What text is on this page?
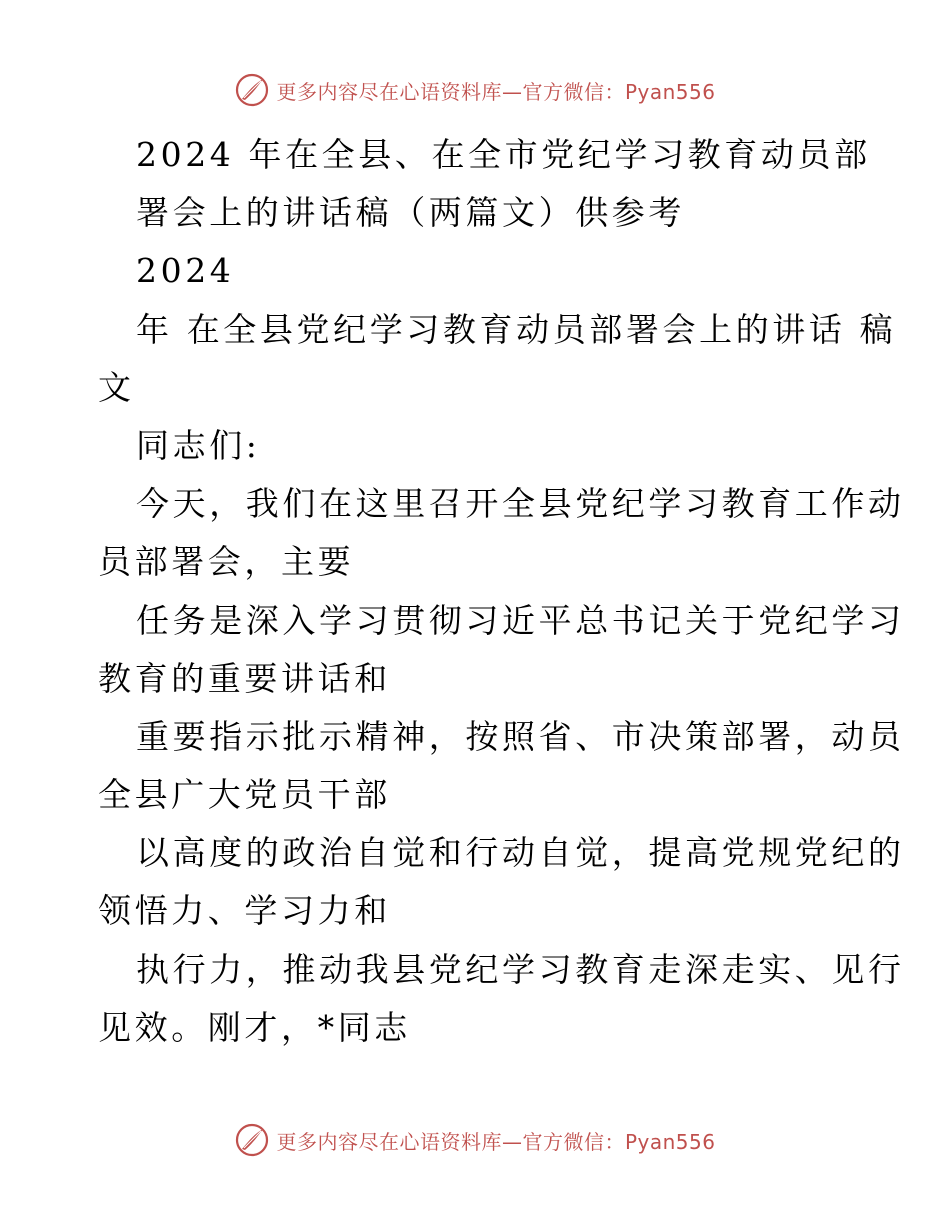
更多内容尽在心语资料库—官方微信：Pyan556
2024 年在全县、在全市党纪学习教育动员部
署会上的讲话稿（两篇文）供参考
2024
年 在全县党纪学习教育动员部署会上的讲话 稿
文
同志们:
今天，我们在这里召开全县党纪学习教育工作动
员部署会，主要
任务是深入学习贯彻习近平总书记关于党纪学习
教育的重要讲话和
重要指示批示精神，按照省、市决策部署，动员
全县广大党员干部
以高度的政治自觉和行动自觉，提高党规党纪的
领悟力、学习力和
执行力，推动我县党纪学习教育走深走实、见行
见效。刚才，*同志
更多内容尽在心语资料库—官方微信：Pyan556
